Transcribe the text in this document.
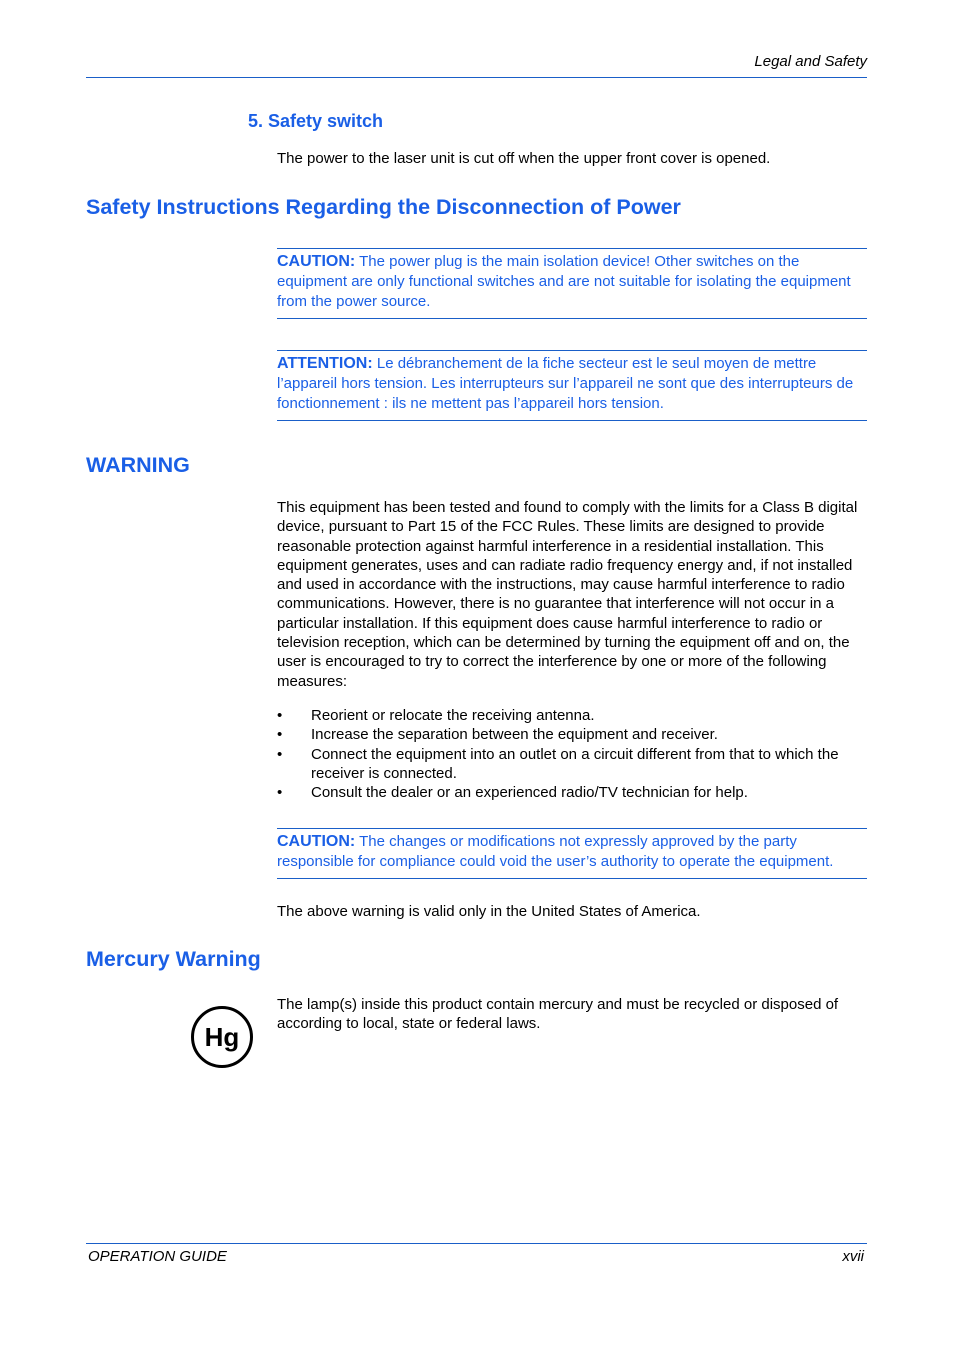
Legal and Safety
5. Safety switch
The power to the laser unit is cut off when the upper front cover is opened.
Safety Instructions Regarding the Disconnection of Power
CAUTION: The power plug is the main isolation device! Other switches on the equipment are only functional switches and are not suitable for isolating the equipment from the power source.
ATTENTION: Le débranchement de la fiche secteur est le seul moyen de mettre l’appareil hors tension. Les interrupteurs sur l’appareil ne sont que des interrupteurs de fonctionnement : ils ne mettent pas l’appareil hors tension.
WARNING
This equipment has been tested and found to comply with the limits for a Class B digital device, pursuant to Part 15 of the FCC Rules. These limits are designed to provide reasonable protection against harmful interference in a residential installation. This equipment generates, uses and can radiate radio frequency energy and, if not installed and used in accordance with the instructions, may cause harmful interference to radio communications. However, there is no guarantee that interference will not occur in a particular installation. If this equipment does cause harmful interference to radio or television reception, which can be determined by turning the equipment off and on, the user is encouraged to try to correct the interference by one or more of the following measures:
• Reorient or relocate the receiving antenna.
• Increase the separation between the equipment and receiver.
• Connect the equipment into an outlet on a circuit different from that to which the receiver is connected.
• Consult the dealer or an experienced radio/TV technician for help.
CAUTION: The changes or modifications not expressly approved by the party responsible for compliance could void the user’s authority to operate the equipment.
The above warning is valid only in the United States of America.
Mercury Warning
Hg
The lamp(s) inside this product contain mercury and must be recycled or disposed of according to local, state or federal laws.
OPERATION GUIDE	xvii
